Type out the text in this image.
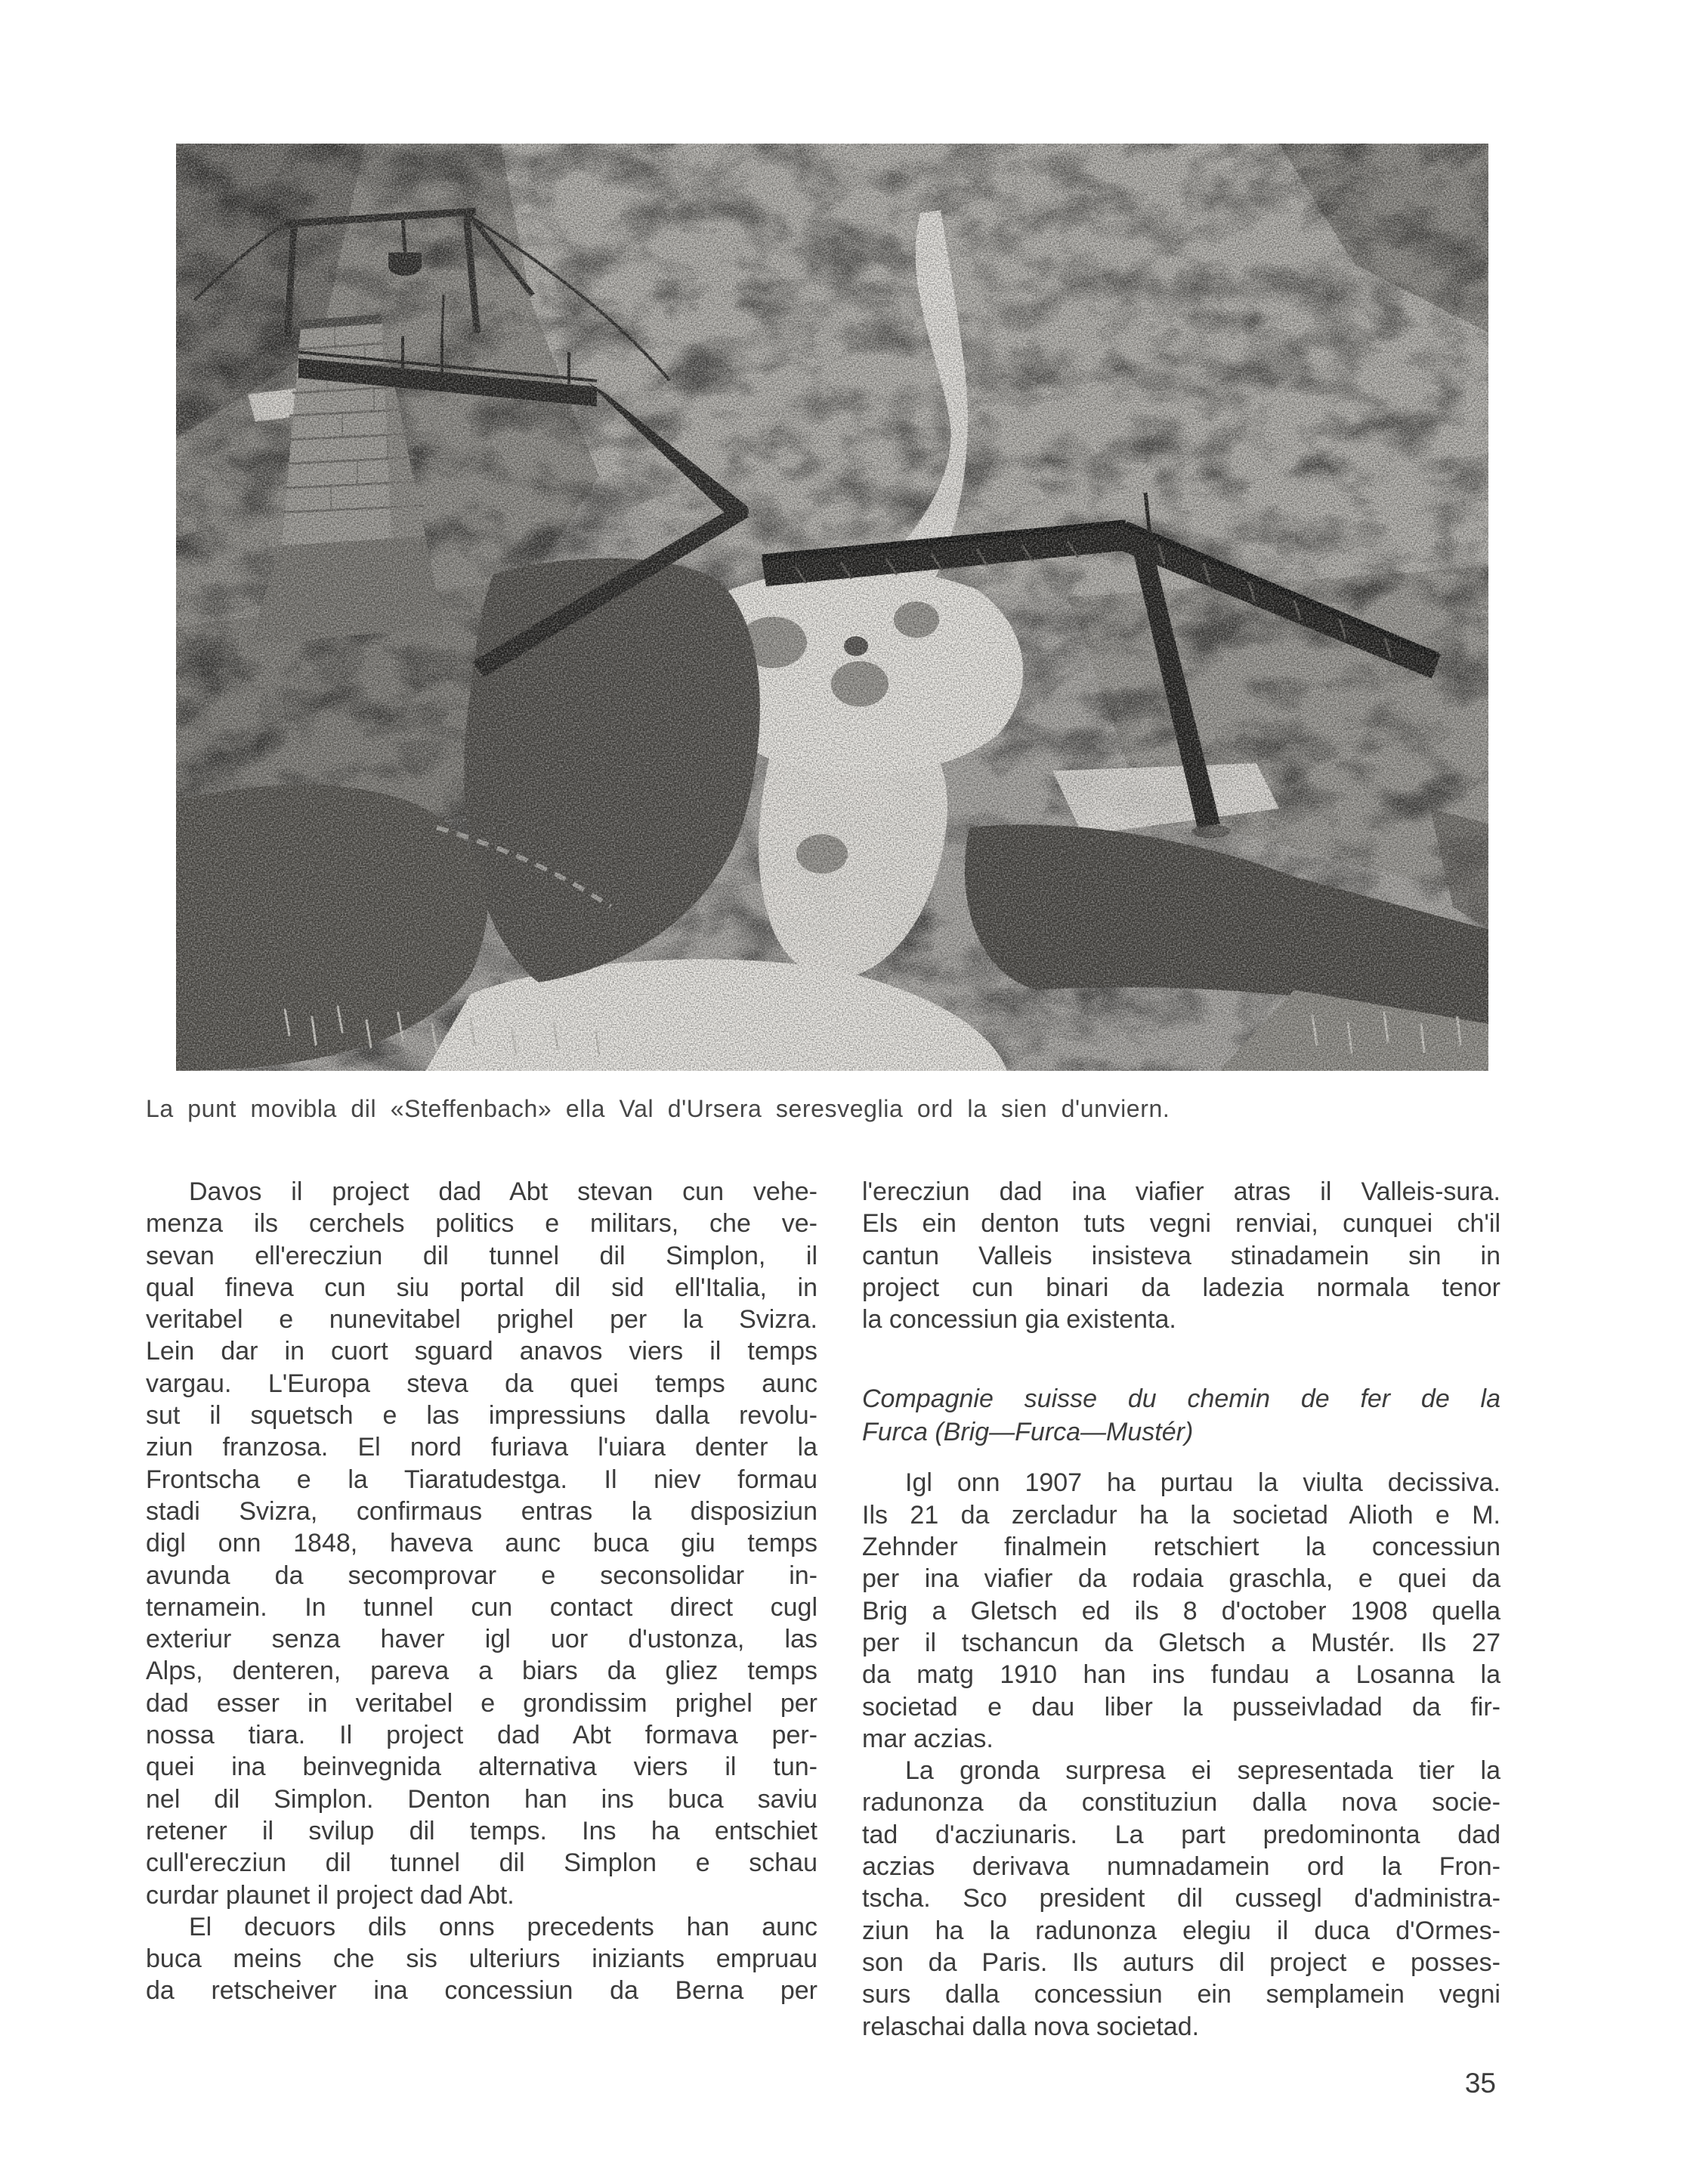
La punt movibla dil «Steffenbach» ella Val d'Ursera seresveglia ord la sien d'unviern.
Davos il project dad Abt stevan cun vehe-
menza ils cerchels politics e militars, che ve-
sevan ell'erecziun dil tunnel dil Simplon, il
qual fineva cun siu portal dil sid ell'Italia, in
veritabel e nunevitabel prighel per la Svizra.
Lein dar in cuort sguard anavos viers il temps
vargau. L'Europa steva da quei temps aunc
sut il squetsch e las impressiuns dalla revolu-
ziun franzosa. El nord furiava l'uiara denter la
Frontscha e la Tiaratudestga. Il niev formau
stadi Svizra, confirmaus entras la disposiziun
digl onn 1848, haveva aunc buca giu temps
avunda da secomprovar e seconsolidar in-
ternamein. In tunnel cun contact direct cugl
exteriur senza haver igl uor d'ustonza, las
Alps, denteren, pareva a biars da gliez temps
dad esser in veritabel e grondissim prighel per
nossa tiara. Il project dad Abt formava per-
quei ina beinvegnida alternativa viers il tun-
nel dil Simplon. Denton han ins buca saviu
retener il svilup dil temps. Ins ha entschiet
cull'erecziun dil tunnel dil Simplon e schau
curdar plaunet il project dad Abt.
El decuors dils onns precedents han aunc
buca meins che sis ulteriurs iniziants empruau
da retscheiver ina concessiun da Berna per
l'erecziun dad ina viafier atras il Valleis-sura.
Els ein denton tuts vegni renviai, cunquei ch'il
cantun Valleis insisteva stinadamein sin in
project cun binari da ladezia normala tenor
la concessiun gia existenta.
Compagnie suisse du chemin de fer de la
Furca (Brig—Furca—Mustér)
Igl onn 1907 ha purtau la viulta decissiva.
Ils 21 da zercladur ha la societad Alioth e M.
Zehnder finalmein retschiert la concessiun
per ina viafier da rodaia graschla, e quei da
Brig a Gletsch ed ils 8 d'october 1908 quella
per il tschancun da Gletsch a Mustér. Ils 27
da matg 1910 han ins fundau a Losanna la
societad e dau liber la pusseivladad da fir-
mar aczias.
La gronda surpresa ei sepresentada tier la
radunonza da constituziun dalla nova socie-
tad d'acziunaris. La part predominonta dad
aczias derivava numnadamein ord la Fron-
tscha. Sco president dil cussegl d'administra-
ziun ha la radunonza elegiu il duca d'Ormes-
son da Paris. Ils auturs dil project e posses-
surs dalla concessiun ein semplamein vegni
relaschai dalla nova societad.
35
